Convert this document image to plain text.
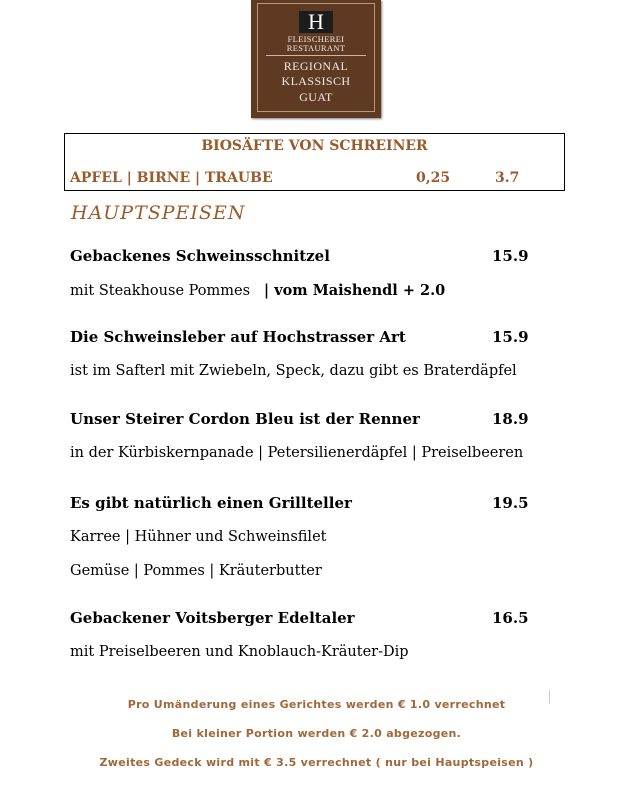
H
FLEISCHEREI
RESTAURANT
REGIONAL
KLASSISCH
GUAT
BIOSÄFTE VON SCHREINER
APFEL | BIRNE | TRAUBE	0,25	3.7
HAUPTSPEISEN
Gebackenes Schweinsschnitzel	15.9
mit Steakhouse Pommes | vom Maishendl + 2.0
Die Schweinsleber auf Hochstrasser Art	15.9
ist im Safterl mit Zwiebeln, Speck, dazu gibt es Braterdäpfel
Unser Steirer Cordon Bleu ist der Renner	18.9
in der Kürbiskernpanade | Petersilienerdäpfel | Preiselbeeren
Es gibt natürlich einen Grillteller	19.5
Karree | Hühner und Schweinsfilet
Gemüse | Pommes | Kräuterbutter
Gebackener Voitsberger Edeltaler	16.5
mit Preiselbeeren und Knoblauch-Kräuter-Dip
Pro Umänderung eines Gerichtes werden € 1.0 verrechnet
Bei kleiner Portion werden € 2.0 abgezogen.
Zweites Gedeck wird mit € 3.5 verrechnet ( nur bei Hauptspeisen )
